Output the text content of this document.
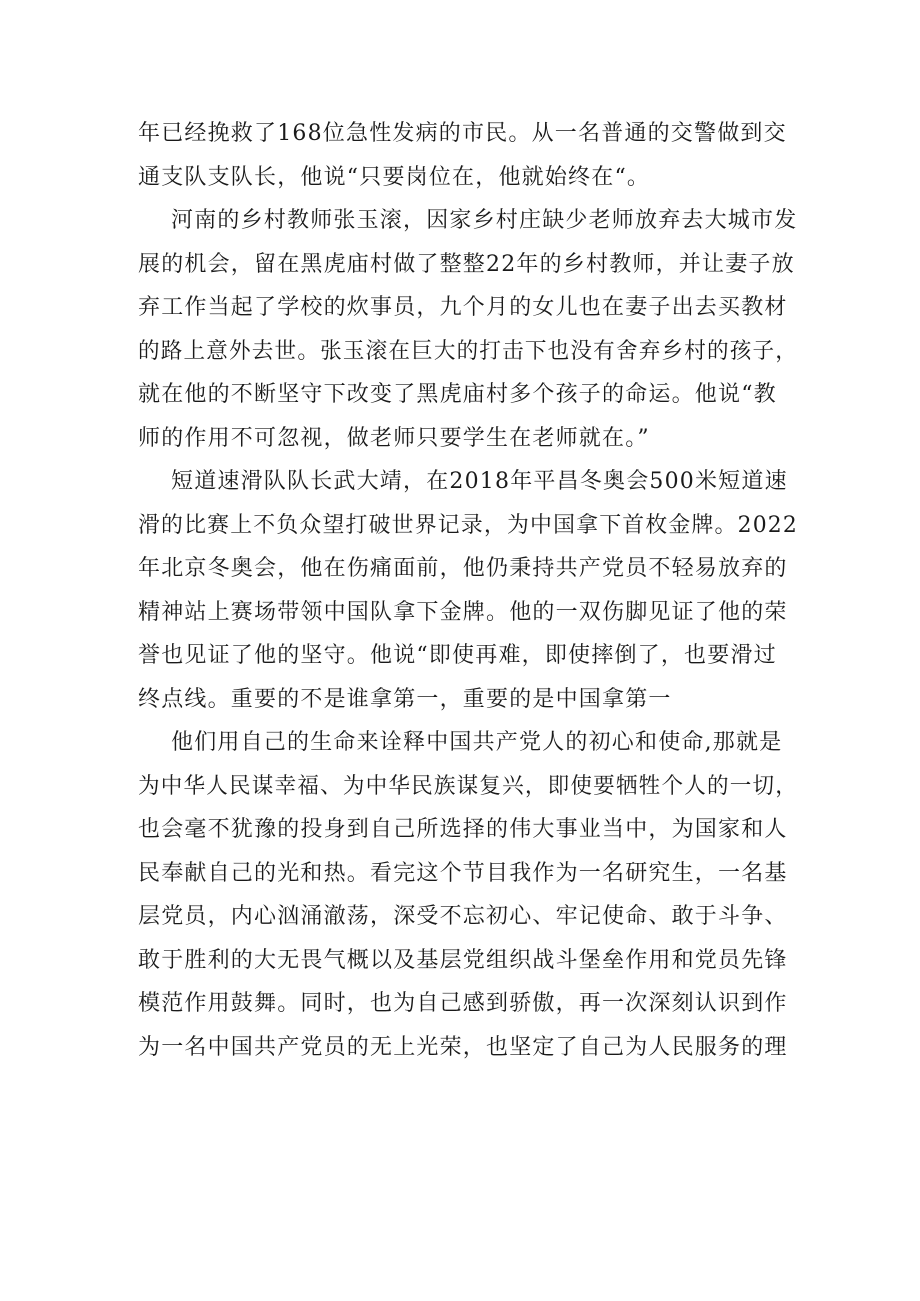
年已经挽救了168位急性发病的市民。从一名普通的交警做到交
通支队支队长，他说“只要岗位在，他就始终在“。
河南的乡村教师张玉滚，因家乡村庄缺少老师放弃去大城市发
展的机会，留在黑虎庙村做了整整22年的乡村教师，并让妻子放
弃工作当起了学校的炊事员，九个月的女儿也在妻子出去买教材
的路上意外去世。张玉滚在巨大的打击下也没有舍弃乡村的孩子，
就在他的不断坚守下改变了黑虎庙村多个孩子的命运。他说“教
师的作用不可忽视，做老师只要学生在老师就在。”
短道速滑队队长武大靖，在2018年平昌冬奥会500米短道速
滑的比赛上不负众望打破世界记录，为中国拿下首枚金牌。2022
年北京冬奥会，他在伤痛面前，他仍秉持共产党员不轻易放弃的
精神站上赛场带领中国队拿下金牌。他的一双伤脚见证了他的荣
誉也见证了他的坚守。他说“即使再难，即使摔倒了，也要滑过
终点线。重要的不是谁拿第一，重要的是中国拿第一
他们用自己的生命来诠释中国共产党人的初心和使命,那就是
为中华人民谋幸福、为中华民族谋复兴，即使要牺牲个人的一切，
也会毫不犹豫的投身到自己所选择的伟大事业当中，为国家和人
民奉献自己的光和热。看完这个节目我作为一名研究生，一名基
层党员，内心汹涌澈荡，深受不忘初心、牢记使命、敢于斗争、
敢于胜利的大无畏气概以及基层党组织战斗堡垒作用和党员先锋
模范作用鼓舞。同时，也为自己感到骄傲，再一次深刻认识到作
为一名中国共产党员的无上光荣，也坚定了自己为人民服务的理
